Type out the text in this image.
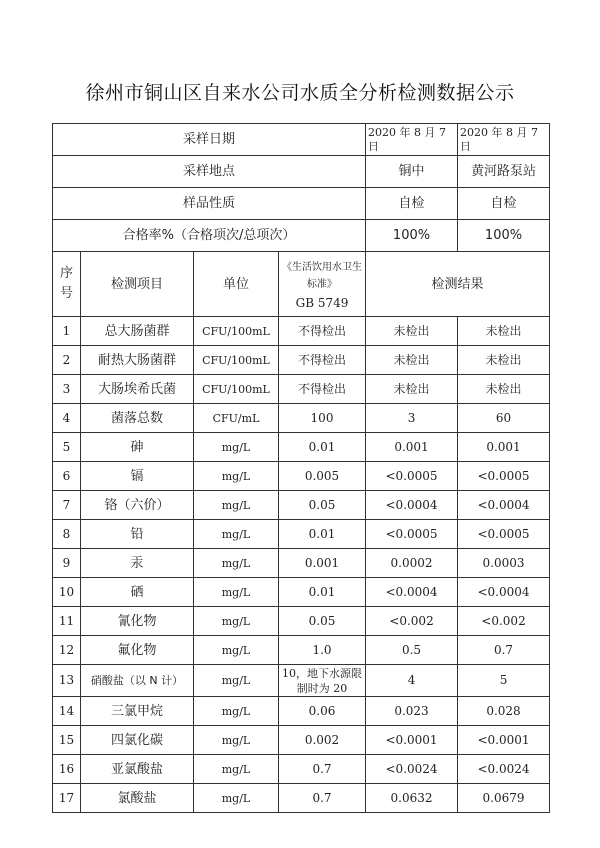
徐州市铜山区自来水公司水质全分析检测数据公示
采样日期				2020 年 8 月 7 日	2020 年 8 月 7 日
采样地点				铜中	黄河路泵站
样品性质				自检	自检
合格率%（合格项次/总项次）				100%	100%
序号	检测项目	单位	《生活饮用水卫生标准》
GB 5749	检测结果	
1	总大肠菌群	CFU/100mL	不得检出	未检出	未检出
2	耐热大肠菌群	CFU/100mL	不得检出	未检出	未检出
3	大肠埃希氏菌	CFU/100mL	不得检出	未检出	未检出
4	菌落总数	CFU/mL	100	3	60
5	砷	mg/L	0.01	0.001	0.001
6	镉	mg/L	0.005	<0.0005	<0.0005
7	铬（六价）	mg/L	0.05	<0.0004	<0.0004
8	铅	mg/L	0.01	<0.0005	<0.0005
9	汞	mg/L	0.001	0.0002	0.0003
10	硒	mg/L	0.01	<0.0004	<0.0004
11	氰化物	mg/L	0.05	<0.002	<0.002
12	氟化物	mg/L	1.0	0.5	0.7
13	硝酸盐（以 N 计）	mg/L	10，地下水源限制时为 20	4	5
14	三氯甲烷	mg/L	0.06	0.023	0.028
15	四氯化碳	mg/L	0.002	<0.0001	<0.0001
16	亚氯酸盐	mg/L	0.7	<0.0024	<0.0024
17	氯酸盐	mg/L	0.7	0.0632	0.0679
